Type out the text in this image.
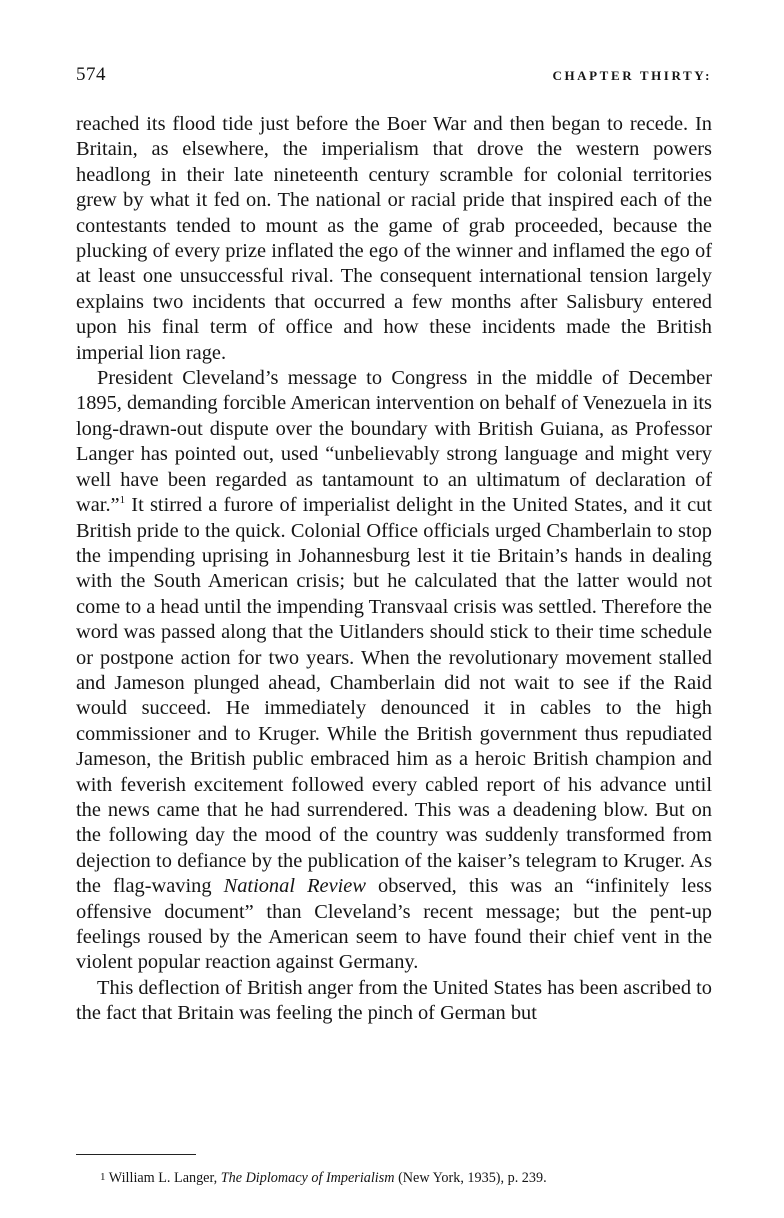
574	CHAPTER THIRTY:

reached its flood tide just before the Boer War and then began to recede. In Britain, as elsewhere, the imperialism that drove the western powers headlong in their late nineteenth century scramble for colonial territories grew by what it fed on. The national or racial pride that inspired each of the contestants tended to mount as the game of grab proceeded, because the plucking of every prize inflated the ego of the winner and inflamed the ego of at least one unsuccessful rival. The consequent international tension largely explains two incidents that occurred a few months after Salisbury entered upon his final term of office and how these incidents made the British imperial lion rage.

President Cleveland’s message to Congress in the middle of December 1895, demanding forcible American intervention on behalf of Venezuela in its long-drawn-out dispute over the boundary with British Guiana, as Professor Langer has pointed out, used “unbelievably strong language and might very well have been regarded as tantamount to an ultimatum of declaration of war.”$^1$ It stirred a furore of imperialist delight in the United States, and it cut British pride to the quick. Colonial Office officials urged Chamberlain to stop the impending uprising in Johannesburg lest it tie Britain’s hands in dealing with the South American crisis; but he calculated that the latter would not come to a head until the impending Transvaal crisis was settled. Therefore the word was passed along that the Uitlanders should stick to their time schedule or postpone action for two years. When the revolutionary movement stalled and Jameson plunged ahead, Chamberlain did not wait to see if the Raid would succeed. He immediately denounced it in cables to the high commissioner and to Kruger. While the British government thus repudiated Jameson, the British public embraced him as a heroic British champion and with feverish excitement followed every cabled report of his advance until the news came that he had surrendered. This was a deadening blow. But on the following day the mood of the country was suddenly transformed from dejection to defiance by the publication of the kaiser’s telegram to Kruger. As the flag-waving National Review observed, this was an “infinitely less offensive document” than Cleveland’s recent message; but the pent-up feelings roused by the American seem to have found their chief vent in the violent popular reaction against Germany.

This deflection of British anger from the United States has been ascribed to the fact that Britain was feeling the pinch of German but

1 William L. Langer, The Diplomacy of Imperialism (New York, 1935), p. 239.
